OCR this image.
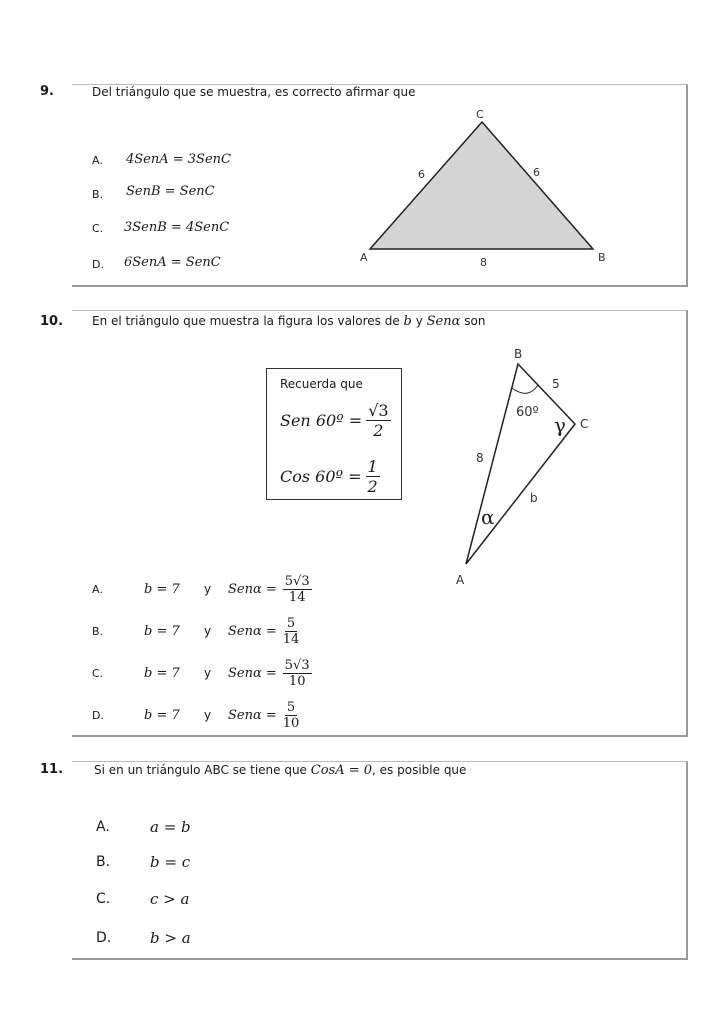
9.	Del triángulo que se muestra, es correcto afirmar que
A. 4SenA = 3SenC
B. SenB = SenC
C. 3SenB = 4SenC
D. 6SenA = SenC
C
A	B
6	6
8
10. En el triángulo que muestra la figura los valores de b y Senα son
Recuerda que
Sen 60º = $\frac{√3}{2}$
Cos 60º = $\frac{1}{2}$
B
C
A
5
8
b
60º
γ
α
A.	b = 7	y	$Sen\alpha = \frac{5√3}{14}$
B.	b = 7	y	$Sen\alpha = \frac{5}{14}$
C.	b = 7	y	$Sen\alpha = \frac{5√3}{10}$
D.	b = 7	y	$Sen\alpha = \frac{5}{10}$
11.	Si en un triángulo ABC se tiene que CosA = 0, es posible que
A.	a = b
B.	b = c
C.	c > a
D.	b > a
